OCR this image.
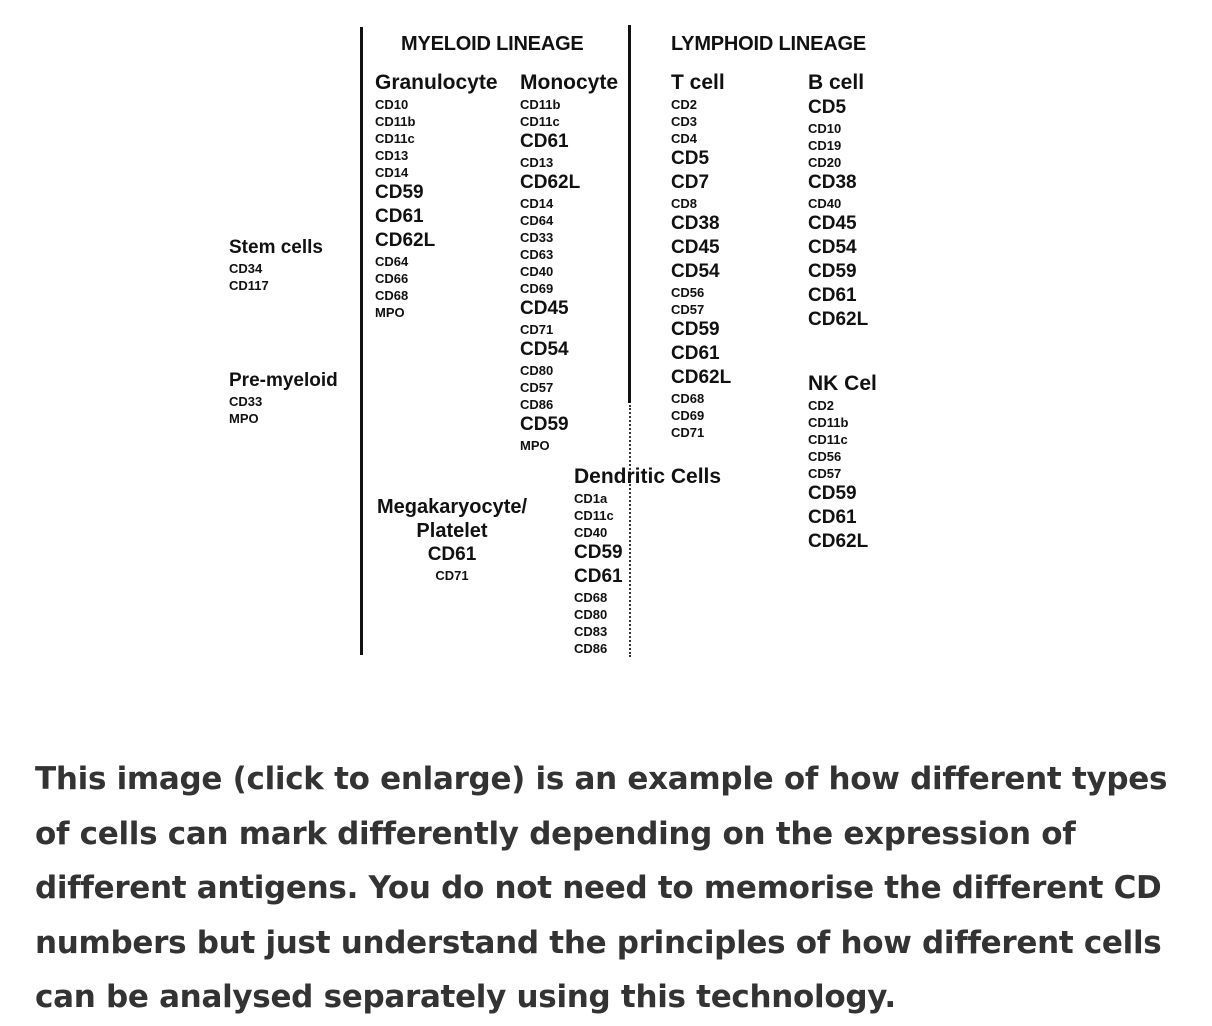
MYELOID LINEAGE	LYMPHOID LINEAGE
Stem cells
CD34
CD117
Pre-myeloid
CD33
MPO
Granulocyte
CD10
CD11b
CD11c
CD13
CD14
CD59
CD61
CD62L
CD64
CD66
CD68
MPO
Monocyte
CD11b
CD11c
CD61
CD13
CD62L
CD14
CD64
CD33
CD63
CD40
CD69
CD45
CD71
CD54
CD80
CD57
CD86
CD59
MPO
T cell
CD2
CD3
CD4
CD5
CD7
CD8
CD38
CD45
CD54
CD56
CD57
CD59
CD61
CD62L
CD68
CD69
CD71
B cell
CD5
CD10
CD19
CD20
CD38
CD40
CD45
CD54
CD59
CD61
CD62L
NK Cel
CD2
CD11b
CD11c
CD56
CD57
CD59
CD61
CD62L
Dendritic Cells
CD1a
CD11c
CD40
CD59
CD61
CD68
CD80
CD83
CD86
Megakaryocyte/
Platelet
CD61
CD71
This image (click to enlarge) is an example of how different types of cells can mark differently depending on the expression of different antigens. You do not need to memorise the different CD numbers but just understand the principles of how different cells can be analysed separately using this technology.
